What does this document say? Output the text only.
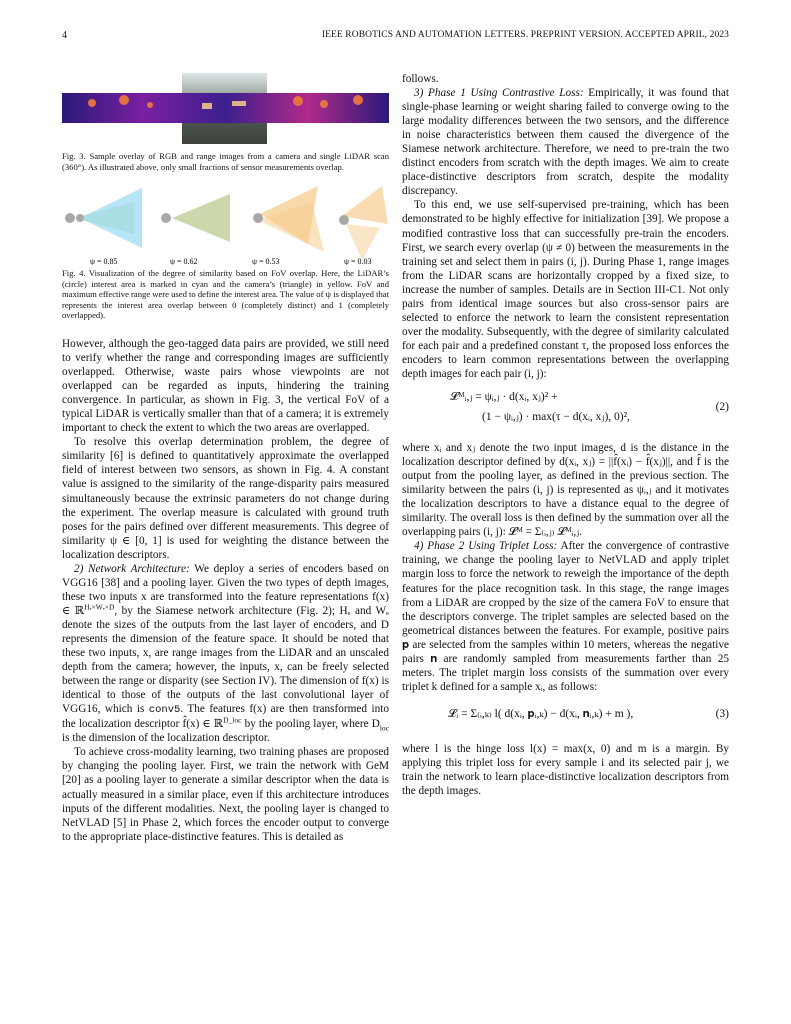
4	IEEE ROBOTICS AND AUTOMATION LETTERS. PREPRINT VERSION. ACCEPTED APRIL, 2023
Fig. 3. Sample overlay of RGB and range images from a camera and single LiDAR scan (360°). As illustrated above, only small fractions of sensor measurements overlap.
ψ = 0.85	ψ = 0.62	ψ = 0.53	ψ = 0.03
Fig. 4. Visualization of the degree of similarity based on FoV overlap. Here, the LiDAR’s (circle) interest area is marked in cyan and the camera’s (triangle) in yellow. FoV and maximum effective range were used to define the interest area. The value of ψ is displayed that represents the interest area overlap between 0 (completely distinct) and 1 (completely overlapped).

However, although the geo-tagged data pairs are provided, we still need to verify whether the range and corresponding images are sufficiently overlapped. Otherwise, waste pairs whose viewpoints are not overlapped can be regarded as inputs, hindering the training convergence. In particular, as shown in Fig. 3, the vertical FoV of a typical LiDAR is vertically smaller than that of a camera; it is extremely important to check the extent to which the two areas are overlapped.

To resolve this overlap determination problem, the degree of similarity [6] is defined to quantitatively approximate the overlapped field of interest between two sensors, as shown in Fig. 4. A constant value is assigned to the similarity of the range-disparity pairs measured simultaneously because the extrinsic parameters do not change during the experiment. The overlap measure is calculated with ground truth poses for the pairs defined over different measurements. This degree of similarity ψ ∈ [0, 1] is used for weighting the distance between the localization descriptors.

2) Network Architecture: We deploy a series of encoders based on VGG16 [38] and a pooling layer. Given the two types of depth images, these two inputs x are transformed into the feature representations f(x) ∈ ℝ$^{H_e\times W_e\times D}$, by the Siamese network architecture (Fig. 2); Hₑ and Wₑ denote the sizes of the outputs from the last layer of encoders, and D represents the dimension of the feature space. It should be noted that these two inputs, x, are range images from the LiDAR and an unscaled depth from the camera; however, the inputs, x, can be freely selected between the range or disparity (see Section IV). The dimension of f(x) is identical to those of the outputs of the last convolutional layer of VGG16, which is conv5. The features f(x) are then transformed into the localization descriptor f̂(x) ∈ ℝ$^{D\_loc}$ by the pooling layer, where $D_{loc}$ is the dimension of the localization descriptor.

To achieve cross-modality learning, two training phases are proposed by changing the pooling layer. First, we train the network with GeM [20] as a pooling layer to generate a similar descriptor when the data is actually measured in a similar place, even if this architecture introduces inputs of the different modalities. Next, the pooling layer is changed to NetVLAD [5] in Phase 2, which forces the encoder output to converge to the appropriate place-distinctive features. This is detailed as

follows.

3) Phase 1 Using Contrastive Loss: Empirically, it was found that single-phase learning or weight sharing failed to converge owing to the large modality differences between the two sensors, and the difference in noise characteristics between them caused the divergence of the Siamese network architecture. Therefore, we need to pre-train the two distinct encoders from scratch with the depth images. We aim to create place-distinctive descriptors from scratch, despite the modality discrepancy.

To this end, we use self-supervised pre-training, which has been demonstrated to be highly effective for initialization [39]. We propose a modified contrastive loss that can successfully pre-train the encoders. First, we search every overlap (ψ ≠ 0) between the measurements in the training set and select them in pairs (i, j). During Phase 1, range images from the LiDAR scans are horizontally cropped by a fixed size, to increase the number of samples. Details are in Section III-C1. Not only pairs from identical image sources but also cross-sensor pairs are selected to enforce the network to learn the consistent representation over the modality. Subsequently, with the degree of similarity calculated for each pair and a predefined constant τ, the proposed loss enforces the encoders to learn common representations between the overlapping depth images for each pair (i, j):

𝓛ᴹᵢ,ⱼ = ψᵢ,ⱼ · d(xᵢ, xⱼ)² +
(1 − ψᵢ,ⱼ) · max(τ − d(xᵢ, xⱼ), 0)²,
(2)

where xᵢ and xⱼ denote the two input images, d is the distance in the localization descriptor defined by d(xᵢ, xⱼ) = ||f̂(xᵢ) − f̂(xⱼ)||, and f̂ is the output from the pooling layer, as defined in the previous section. The similarity between the pairs (i, j) is represented as ψᵢ,ⱼ and it motivates the localization descriptors to have a distance equal to the degree of similarity. The overall loss is then defined by the summation over all the overlapping pairs (i, j): 𝓛ᴹ = Σ₍ᵢ,ⱼ₎ 𝓛ᴹᵢ,ⱼ.

4) Phase 2 Using Triplet Loss: After the convergence of contrastive training, we change the pooling layer to NetVLAD and apply triplet margin loss to force the network to reweigh the importance of the depth features for the place recognition task. In this stage, the range images from a LiDAR are cropped by the size of the camera FoV to ensure that the descriptors converge. The triplet samples are selected based on the geometrical distances between the features. For example, positive pairs 𝐩 are selected from the samples within 10 meters, whereas the negative pairs 𝐧 are randomly sampled from measurements farther than 25 meters. The triplet margin loss consists of the summation over every triplet k defined for a sample xᵢ, as follows:

𝓛ᵢ = Σ₍ᵢ,ₖ₎ l( d(xᵢ, 𝐩ᵢ,ₖ) − d(xᵢ, 𝐧ᵢ,ₖ) + m ),	(3)

where l is the hinge loss l(x) = max(x, 0) and m is a margin. By applying this triplet loss for every sample i and its selected pair j, we train the network to learn place-distinctive localization descriptors from the depth images.
